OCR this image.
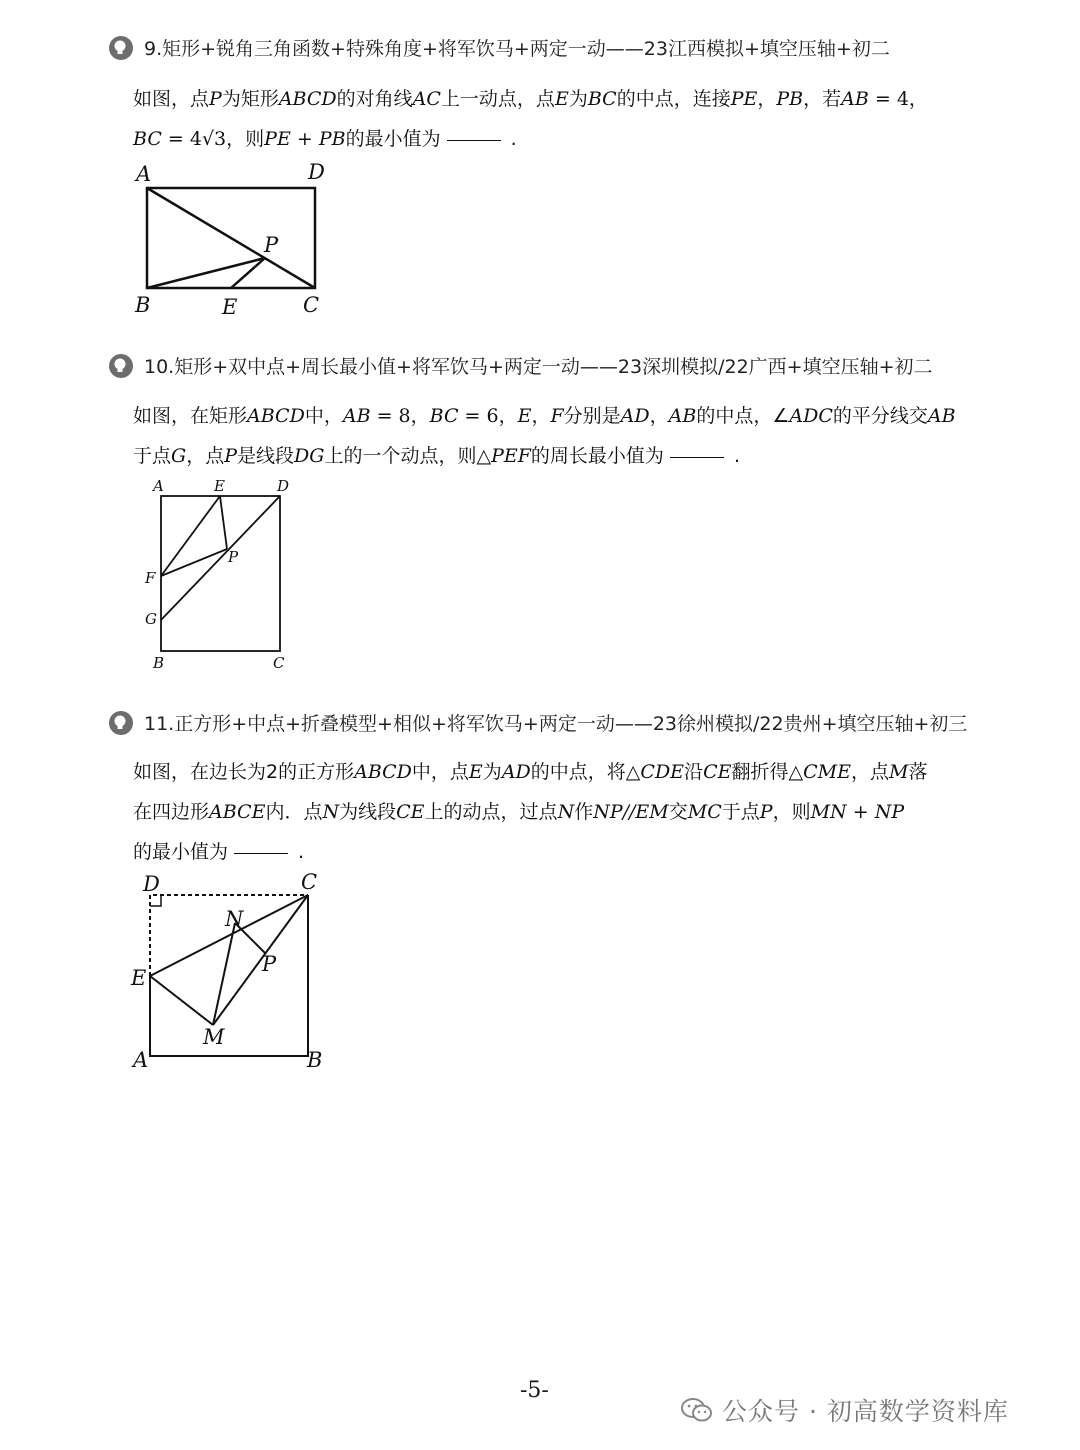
9.矩形+锐角三角函数+特殊角度+将军饮马+两定一动——23江西模拟+填空压轴+初二
如图，点P为矩形ABCD的对角线AC上一动点，点E为BC的中点，连接PE，PB，若AB = 4，
BC = 4√3，则PE + PB的最小值为	.
A	D
P
B	E	C
10.矩形+双中点+周长最小值+将军饮马+两定一动——23深圳模拟/22广西+填空压轴+初二
如图，在矩形ABCD中，AB = 8，BC = 6，E，F分别是AD，AB的中点，∠ADC的平分线交AB
于点G，点P是线段DG上的一个动点，则△PEF的周长最小值为	.
A	E	D
P
F
G
B	C
11.正方形+中点+折叠模型+相似+将军饮马+两定一动——23徐州模拟/22贵州+填空压轴+初三
如图，在边长为2的正方形ABCD中，点E为AD的中点，将△CDE沿CE翻折得△CME，点M落
在四边形ABCE内．点N为线段CE上的动点，过点N作NP//EM交MC于点P，则MN + NP
的最小值为	.
D	C
N
P
E
M
A	B
-5-
公众号 · 初高数学资料库
